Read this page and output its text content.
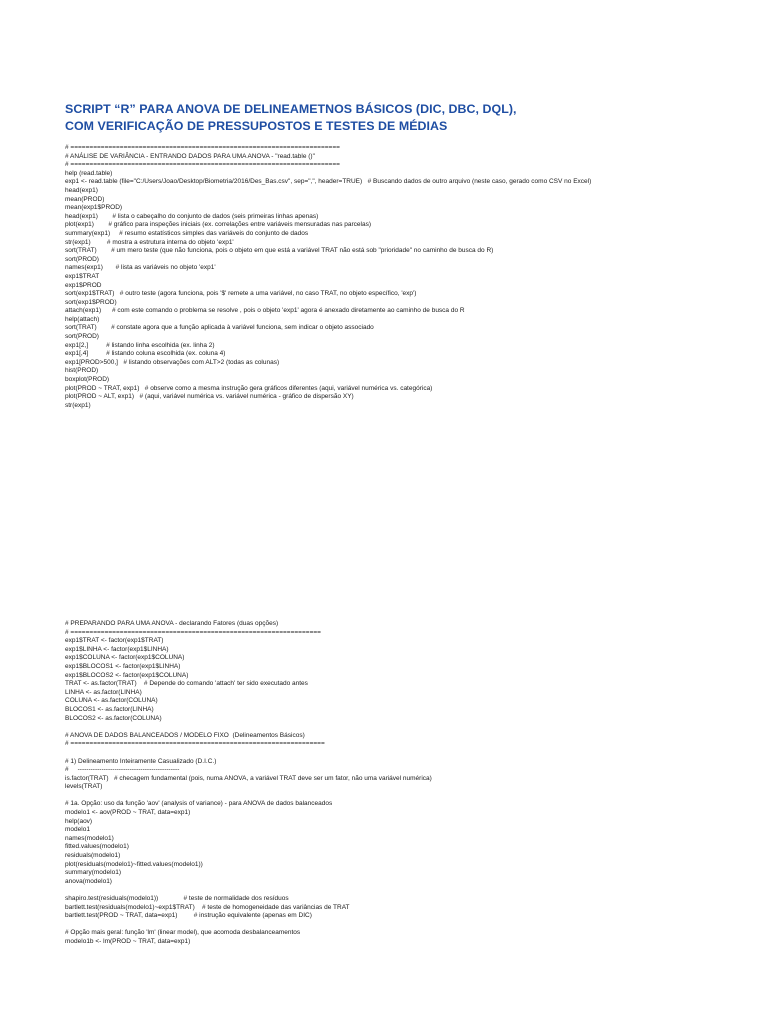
SCRIPT “R” PARA ANOVA DE DELINEAMETNOS BÁSICOS (DIC, DBC, DQL),
COM VERIFICAÇÃO DE PRESSUPOSTOS E TESTES DE MÉDIAS
# =======================================================================
# ANÁLISE DE VARIÂNCIA - ENTRANDO DADOS PARA UMA ANOVA - "read.table ()"
# =======================================================================
help (read.table)
exp1 <- read.table (file="C:/Users/Joao/Desktop/Biometria/2016/Des_Bas.csv", sep=",", header=TRUE)   # Buscando dados de outro arquivo (neste caso, gerado como CSV no Excel)
head(exp1)
mean(PROD)
mean(exp1$PROD)
head(exp1)        # lista o cabeçalho do conjunto de dados (seis primeiras linhas apenas)
plot(exp1)        # gráfico para inspeções iniciais (ex. correlações entre variáveis mensuradas nas parcelas)
summary(exp1)     # resumo estatísticos simples das variáveis do conjunto de dados
str(exp1)         # mostra a estrutura interna do objeto 'exp1'
sort(TRAT)        # um mero teste (que não funciona, pois o objeto em que está a variável TRAT não está sob "prioridade" no caminho de busca do R)
sort(PROD)
names(exp1)       # lista as variáveis no objeto 'exp1'
exp1$TRAT
exp1$PROD
sort(exp1$TRAT)   # outro teste (agora funciona, pois '$' remete a uma variável, no caso TRAT, no objeto específico, 'exp')
sort(exp1$PROD)
attach(exp1)      # com este comando o problema se resolve , pois o objeto 'exp1' agora é anexado diretamente ao caminho de busca do R
help(attach)
sort(TRAT)        # constate agora que a função aplicada à variável funciona, sem indicar o objeto associado
sort(PROD)
exp1[2,]          # listando linha escolhida (ex. linha 2)
exp1[,4]          # listando coluna escolhida (ex. coluna 4)
exp1[PROD>500,]   # listando observações com ALT>2 (todas as colunas)
hist(PROD)
boxplot(PROD)
plot(PROD ~ TRAT, exp1)   # observe como a mesma instrução gera gráficos diferentes (aqui, variável numérica vs. categórica)
plot(PROD ~ ALT, exp1)   # (aqui, variável numérica vs. variável numérica - gráfico de dispersão XY)
str(exp1)
# PREPARANDO PARA UMA ANOVA - declarando Fatores (duas opções)
# ==================================================================
exp1$TRAT <- factor(exp1$TRAT)
exp1$LINHA <- factor(exp1$LINHA)
exp1$COLUNA <- factor(exp1$COLUNA)
exp1$BLOCOS1 <- factor(exp1$LINHA)
exp1$BLOCOS2 <- factor(exp1$COLUNA)
TRAT <- as.factor(TRAT)    # Depende do comando 'attach' ter sido executado antes
LINHA <- as.factor(LINHA)
COLUNA <- as.factor(COLUNA)
BLOCOS1 <- as.factor(LINHA)
BLOCOS2 <- as.factor(COLUNA)
# ANOVA DE DADOS BALANCEADOS / MODELO FIXO  (Delineamentos Básicos)
# ===================================================================
# 1) Delineamento Inteiramente Casualizado (D.I.C.)
#     -----------------------------------------------
is.factor(TRAT)   # checagem fundamental (pois, numa ANOVA, a variável TRAT deve ser um fator, não uma variável numérica)
levels(TRAT)
# 1a. Opção: uso da função 'aov' (analysis of variance) - para ANOVA de dados balanceados
modelo1 <- aov(PROD ~ TRAT, data=exp1)
help(aov)
modelo1
names(modelo1)
fitted.values(modelo1)
residuals(modelo1)
plot(residuals(modelo1)~fitted.values(modelo1))
summary(modelo1)
anova(modelo1)
shapiro.test(residuals(modelo1))              # teste de normalidade dos resíduos
bartlett.test(residuals(modelo1)~exp1$TRAT)    # teste de homogeneidade das variâncias de TRAT
bartlett.test(PROD ~ TRAT, data=exp1)         # instrução equivalente (apenas em DIC)
# Opção mais geral: função 'lm' (linear model), que acomoda desbalanceamentos
modelo1b <- lm(PROD ~ TRAT, data=exp1)
